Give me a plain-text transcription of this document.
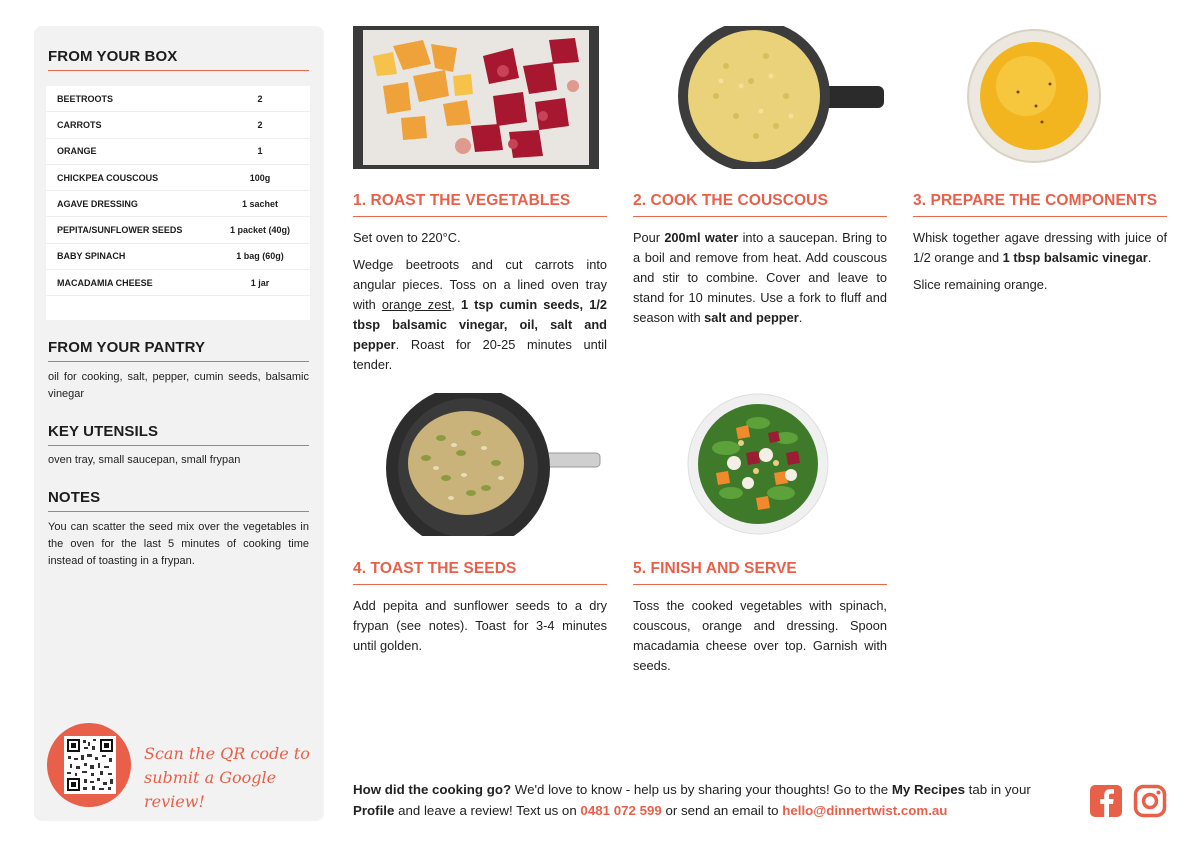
FROM YOUR BOX
BEETROOTS	2
CARROTS	2
ORANGE	1
CHICKPEA COUSCOUS	100g
AGAVE DRESSING	1 sachet
PEPITA/SUNFLOWER SEEDS	1 packet (40g)
BABY SPINACH	1 bag (60g)
MACADAMIA CHEESE	1 jar
FROM YOUR PANTRY
oil for cooking, salt, pepper, cumin seeds, balsamic vinegar
KEY UTENSILS
oven tray, small saucepan, small frypan
NOTES
You can scatter the seed mix over the vegetables in the oven for the last 5 minutes of cooking time instead of toasting in a frypan.
Scan the QR code to
submit a Google review!
1. ROAST THE VEGETABLES

Set oven to 220°C.

Wedge beetroots and cut carrots into angular pieces. Toss on a lined oven tray with orange zest, 1 tsp cumin seeds, 1/2 tbsp balsamic vinegar, oil, salt and pepper. Roast for 20-25 minutes until tender.

2. COOK THE COUSCOUS

Pour 200ml water into a saucepan. Bring to a boil and remove from heat. Add couscous and stir to combine. Cover and leave to stand for 10 minutes. Use a fork to fluff and season with salt and pepper.

3. PREPARE THE COMPONENTS

Whisk together agave dressing with juice of 1/2 orange and 1 tbsp balsamic vinegar.

Slice remaining orange.

4. TOAST THE SEEDS

Add pepita and sunflower seeds to a dry frypan (see notes). Toast for 3-4 minutes until golden.

5. FINISH AND SERVE

Toss the cooked vegetables with spinach, couscous, orange and dressing. Spoon macadamia cheese over top. Garnish with seeds.

How did the cooking go? We'd love to know - help us by sharing your thoughts! Go to the My Recipes tab in your Profile and leave a review! Text us on 0481 072 599 or send an email to hello@dinnertwist.com.au
